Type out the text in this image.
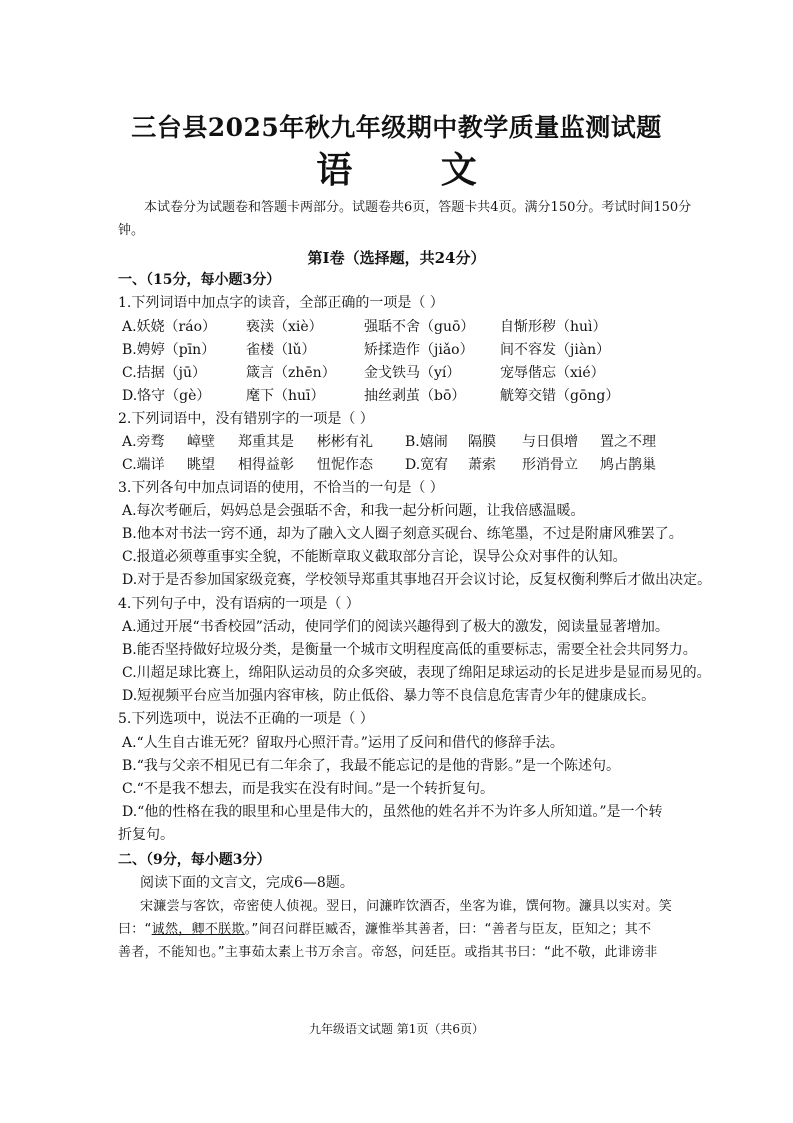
三台县2025年秋九年级期中教学质量监测试题
语 文
本试卷分为试题卷和答题卡两部分。试题卷共6页，答题卡共4页。满分150分。考试时间150分钟。
第Ⅰ卷（选择题，共24分）
一、（15分，每小题3分）
1.下列词语中加点字的读音，全部正确的一项是（ ）
A.妖娆（ráo） 亵渎（xiè）	强聒不舍（guō） 自惭形秽（huì）
B.娉婷（pīn） 雀楼（lǔ）	矫揉造作（jiǎo） 间不容发（jiàn）
C.拮据（jū）	箴言（zhēn） 金戈铁马（yí）	宠辱偕忘（xié）
D.恪守（gè）	麾下（huī）	抽丝剥茧（bō） 觥筹交错（gōng）
2.下列词语中，没有错别字的一项是（ ）
A.旁骛 嶂壁 郑重其是 彬彬有礼 B.嬉闹 隔膜 与日俱增 置之不理
C.端详 眺望 相得益彰 忸怩作态 D.宽宥 萧索 形消骨立 鸠占鹊巢
3.下列各句中加点词语的使用，不恰当的一句是（ ）
A.每次考砸后，妈妈总是会强聒不舍，和我一起分析问题，让我倍感温暖。
B.他本对书法一窍不通，却为了融入文人圈子刻意买砚台、练笔墨，不过是附庸风雅罢了。
C.报道必须尊重事实全貌，不能断章取义截取部分言论，误导公众对事件的认知。
D.对于是否参加国家级竞赛，学校领导郑重其事地召开会议讨论，反复权衡利弊后才做出决定。
4.下列句子中，没有语病的一项是（ ）
A.通过开展“书香校园”活动，使同学们的阅读兴趣得到了极大的激发，阅读量显著增加。
B.能否坚持做好垃圾分类，是衡量一个城市文明程度高低的重要标志，需要全社会共同努力。
C.川超足球比赛上，绵阳队运动员的众多突破，表现了绵阳足球运动的长足进步是显而易见的。
D.短视频平台应当加强内容审核，防止低俗、暴力等不良信息危害青少年的健康成长。
5.下列选项中，说法不正确的一项是（ ）
A.“人生自古谁无死？留取丹心照汗青。”运用了反问和借代的修辞手法。
B.“我与父亲不相见已有二年余了，我最不能忘记的是他的背影。”是一个陈述句。
C.“不是我不想去，而是我实在没有时间。”是一个转折复句。
D.“他的性格在我的眼里和心里是伟大的，虽然他的姓名并不为许多人所知道。”是一个转
折复句。
二、（9分，每小题3分）
阅读下面的文言文，完成6—8题。
宋濂尝与客饮，帝密使人侦视。翌日，问濂昨饮酒否，坐客为谁，馔何物。濂具以实对。笑
曰：“诚然，卿不朕欺。”间召问群臣臧否，濂惟举其善者，曰：“善者与臣友，臣知之；其不
善者，不能知也。”主事茹太素上书万余言。帝怒，问廷臣。或指其书曰：“此不敬，此诽谤非
九年级语文试题 第1页（共6页）
